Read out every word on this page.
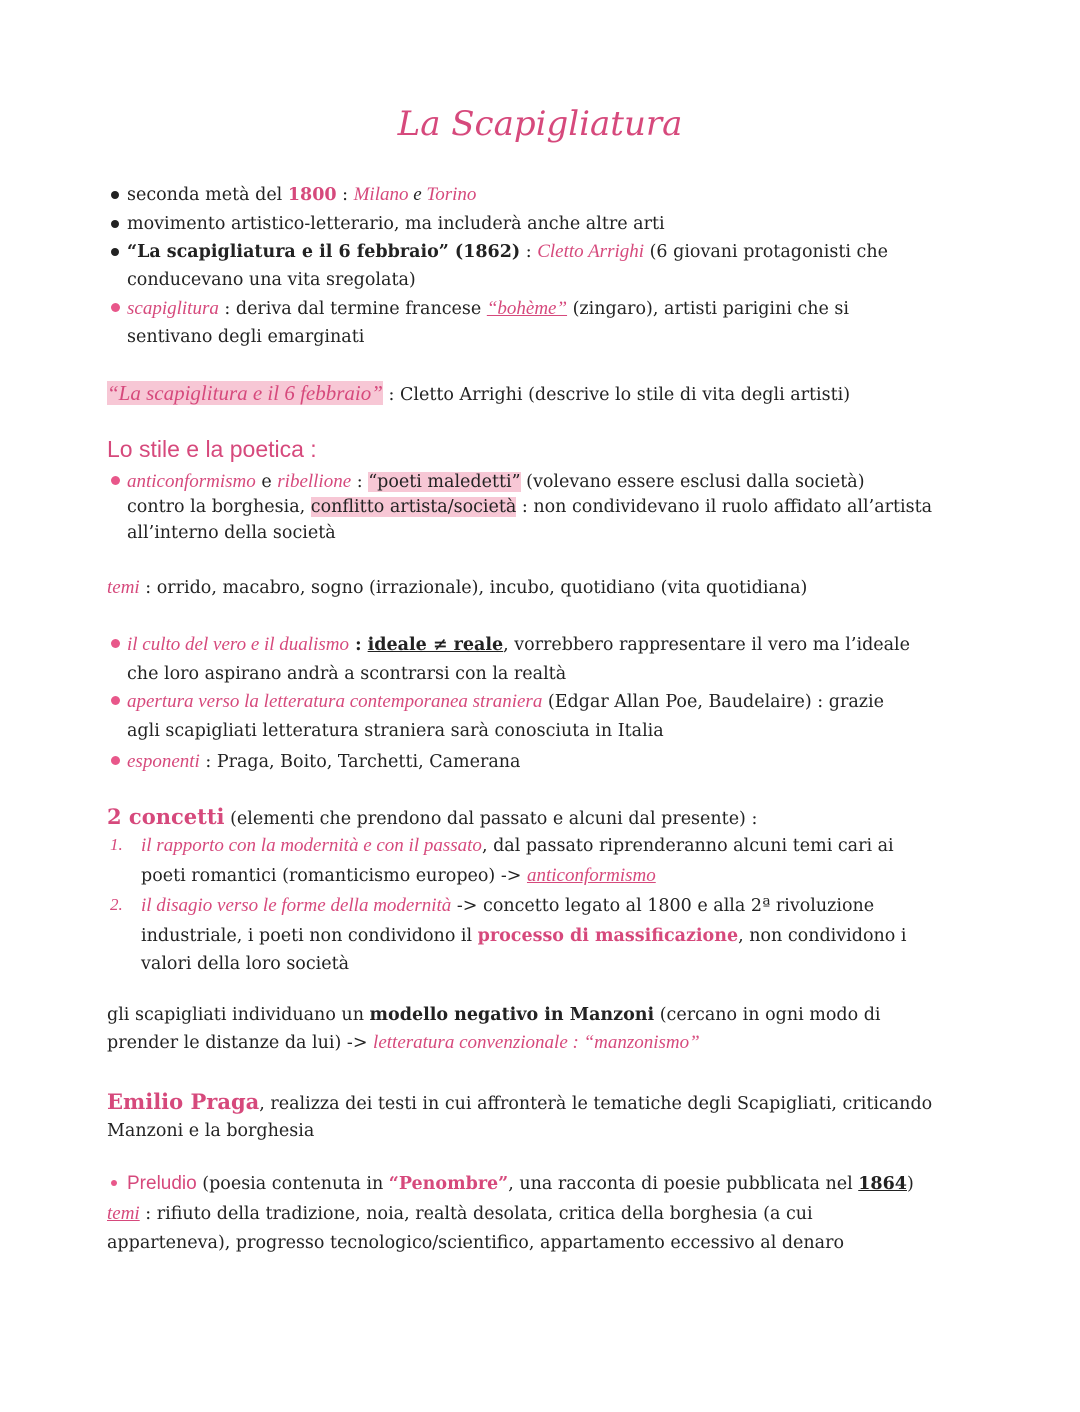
La Scapigliatura
seconda metà del 1800 : Milano e Torino
movimento artistico-letterario, ma includerà anche altre arti
“La scapigliatura e il 6 febbraio” (1862) : Cletto Arrighi (6 giovani protagonisti che
conducevano una vita sregolata)
scapiglitura : deriva dal termine francese “bohème” (zingaro), artisti parigini che si
sentivano degli emarginati
“La scapiglitura e il 6 febbraio” : Cletto Arrighi (descrive lo stile di vita degli artisti)
Lo stile e la poetica :
anticonformismo e ribellione : “poeti maledetti” (volevano essere esclusi dalla società)
contro la borghesia, conflitto artista/società : non condividevano il ruolo affidato all’artista
all’interno della società
temi : orrido, macabro, sogno (irrazionale), incubo, quotidiano (vita quotidiana)
il culto del vero e il dualismo : ideale ≠ reale, vorrebbero rappresentare il vero ma l’ideale
che loro aspirano andrà a scontrarsi con la realtà
apertura verso la letteratura contemporanea straniera (Edgar Allan Poe, Baudelaire) : grazie
agli scapigliati letteratura straniera sarà conosciuta in Italia
esponenti : Praga, Boito, Tarchetti, Camerana
2 concetti (elementi che prendono dal passato e alcuni dal presente) :
1. il rapporto con la modernità e con il passato, dal passato riprenderanno alcuni temi cari ai
poeti romantici (romanticismo europeo) -> anticonformismo
2. il disagio verso le forme della modernità -> concetto legato al 1800 e alla 2ª rivoluzione
industriale, i poeti non condividono il processo di massificazione, non condividono i
valori della loro società
gli scapigliati individuano un modello negativo in Manzoni (cercano in ogni modo di
prender le distanze da lui) -> letteratura convenzionale : “manzonismo”
Emilio Praga, realizza dei testi in cui affronterà le tematiche degli Scapigliati, criticando
Manzoni e la borghesia
Preludio (poesia contenuta in “Penombre”, una racconta di poesie pubblicata nel 1864)
temi : rifiuto della tradizione, noia, realtà desolata, critica della borghesia (a cui
apparteneva), progresso tecnologico/scientifico, appartamento eccessivo al denaro
